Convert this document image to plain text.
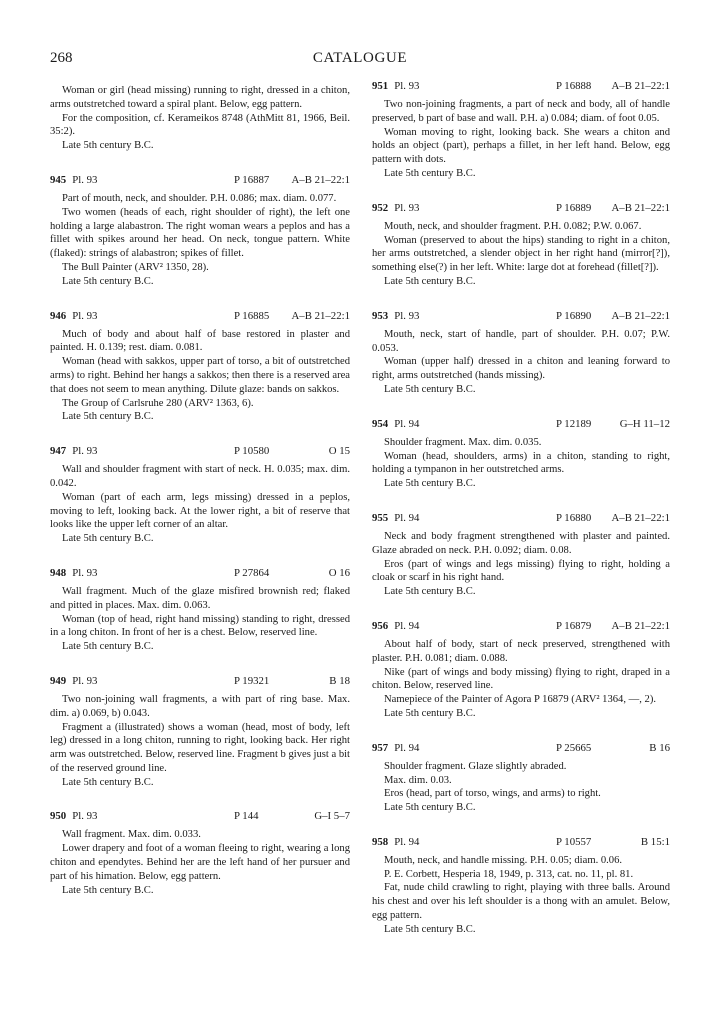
268	CATALOGUE

Woman or girl (head missing) running to right, dressed in a chiton, arms outstretched toward a spiral plant. Below, egg pattern.

For the composition, cf. Kerameikos 8748 (AthMitt 81, 1966, Beil. 35:2).

Late 5th century B.C.

945 Pl. 93	P 16887 A–B 21–22:1

Part of mouth, neck, and shoulder. P.H. 0.086; max. diam. 0.077.

Two women (heads of each, right shoulder of right), the left one holding a large alabastron. The right woman wears a peplos and has a fillet with spikes around her head. On neck, tongue pattern. White (flaked): strings of alabastron; spikes of fillet.

The Bull Painter (ARV² 1350, 28).

Late 5th century B.C.

946 Pl. 93	P 16885 A–B 21–22:1

Much of body and about half of base restored in plaster and painted. H. 0.139; rest. diam. 0.081.

Woman (head with sakkos, upper part of torso, a bit of outstretched arms) to right. Behind her hangs a sakkos; then there is a reserved area that does not seem to mean anything. Dilute glaze: bands on sakkos.

The Group of Carlsruhe 280 (ARV² 1363, 6).

Late 5th century B.C.

947 Pl. 93	P 10580	O 15

Wall and shoulder fragment with start of neck. H. 0.035; max. dim. 0.042.

Woman (part of each arm, legs missing) dressed in a peplos, moving to left, looking back. At the lower right, a bit of reserve that looks like the upper left corner of an altar.

Late 5th century B.C.

948 Pl. 93	P 27864	O 16

Wall fragment. Much of the glaze misfired brownish red; flaked and pitted in places. Max. dim. 0.063.

Woman (top of head, right hand missing) standing to right, dressed in a long chiton. In front of her is a chest. Below, reserved line.

Late 5th century B.C.

949 Pl. 93	P 19321	B 18

Two non-joining wall fragments, a with part of ring base. Max. dim. a) 0.069, b) 0.043.

Fragment a (illustrated) shows a woman (head, most of body, left leg) dressed in a long chiton, running to right, looking back. Her right arm was outstretched. Below, reserved line. Fragment b gives just a bit of the reserved ground line.

Late 5th century B.C.

950 Pl. 93	P 144	G–I 5–7

Wall fragment. Max. dim. 0.033.

Lower drapery and foot of a woman fleeing to right, wearing a long chiton and ependytes. Behind her are the left hand of her pursuer and part of his himation. Below, egg pattern.

Late 5th century B.C.

951 Pl. 93	P 16888 A–B 21–22:1

Two non-joining fragments, a part of neck and body, all of handle preserved, b part of base and wall. P.H. a) 0.084; diam. of foot 0.05.

Woman moving to right, looking back. She wears a chiton and holds an object (part), perhaps a fillet, in her left hand. Below, egg pattern with dots.

Late 5th century B.C.

952 Pl. 93	P 16889 A–B 21–22:1

Mouth, neck, and shoulder fragment. P.H. 0.082; P.W. 0.067.

Woman (preserved to about the hips) standing to right in a chiton, her arms outstretched, a slender object in her right hand (mirror[?]), something else(?) in her left. White: large dot at forehead (fillet[?]).

Late 5th century B.C.

953 Pl. 93	P 16890 A–B 21–22:1

Mouth, neck, start of handle, part of shoulder. P.H. 0.07; P.W. 0.053.

Woman (upper half) dressed in a chiton and leaning forward to right, arms outstretched (hands missing).

Late 5th century B.C.

954 Pl. 94	P 12189	G–H 11–12

Shoulder fragment. Max. dim. 0.035.

Woman (head, shoulders, arms) in a chiton, standing to right, holding a tympanon in her outstretched arms.

Late 5th century B.C.

955 Pl. 94	P 16880 A–B 21–22:1

Neck and body fragment strengthened with plaster and painted. Glaze abraded on neck. P.H. 0.092; diam. 0.08.

Eros (part of wings and legs missing) flying to right, holding a cloak or scarf in his right hand.

Late 5th century B.C.

956 Pl. 94	P 16879 A–B 21–22:1

About half of body, start of neck preserved, strengthened with plaster. P.H. 0.081; diam. 0.088.

Nike (part of wings and body missing) flying to right, draped in a chiton. Below, reserved line.

Namepiece of the Painter of Agora P 16879 (ARV² 1364, —, 2).

Late 5th century B.C.

957 Pl. 94	P 25665	B 16

Shoulder fragment. Glaze slightly abraded.

Max. dim. 0.03.

Eros (head, part of torso, wings, and arms) to right.

Late 5th century B.C.

958 Pl. 94	P 10557	B 15:1

Mouth, neck, and handle missing. P.H. 0.05; diam. 0.06.

P. E. Corbett, Hesperia 18, 1949, p. 313, cat. no. 11, pl. 81.

Fat, nude child crawling to right, playing with three balls. Around his chest and over his left shoulder is a thong with an amulet. Below, egg pattern.

Late 5th century B.C.
